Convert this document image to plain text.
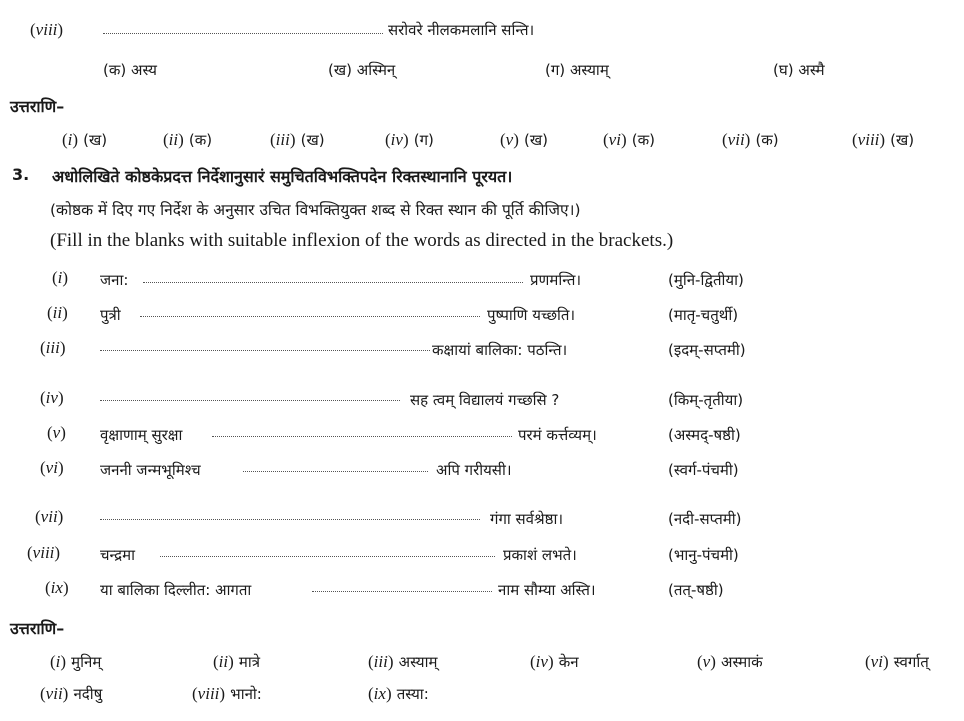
(viii)	सरोवरे नीलकमलानि सन्ति।
(क) अस्य	(ख) अस्मिन्	(ग) अस्याम्	(घ) अस्मै
उत्तराणि–
(i) (ख)	(ii) (क)	(iii) (ख)	(iv) (ग)	(v) (ख)	(vi) (क)	(vii) (क)	(viii) (ख)
3. अधोलिखिते कोष्ठकेप्रदत्त निर्देशानुसारं समुचितविभक्तिपदेन रिक्तस्थानानि पूरयत।
(कोष्ठक में दिए गए निर्देश के अनुसार उचित विभक्तियुक्त शब्द से रिक्त स्थान की पूर्ति कीजिए।)
(Fill in the blanks with suitable inflexion of the words as directed in the brackets.)
(i) जना:	प्रणमन्ति।	(मुनि-द्वितीया)
(ii) पुत्री	पुष्पाणि यच्छति।	(मातृ-चतुर्थी)
(iii)	कक्षायां बालिका: पठन्ति।	(इदम्-सप्तमी)
(iv)	सह त्वम् विद्यालयं गच्छसि ?	(किम्-तृतीया)
(v) वृक्षाणाम् सुरक्षा	परमं कर्त्तव्यम्।	(अस्मद्-षष्ठी)
(vi) जननी जन्मभूमिश्च	अपि गरीयसी।	(स्वर्ग-पंचमी)
(vii)	गंगा सर्वश्रेष्ठा।	(नदी-सप्तमी)
(viii)	चन्द्रमा	प्रकाशं लभते।	(भानु-पंचमी)
(ix) या बालिका दिल्लीत: आगता	नाम सौम्या अस्ति।	(तत्-षष्ठी)
उत्तराणि–
(i) मुनिम्	(ii) मात्रे	(iii) अस्याम्	(iv) केन	(v) अस्माकं	(vi) स्वर्गात्
(vii) नदीषु	(viii) भानो:	(ix) तस्या:
